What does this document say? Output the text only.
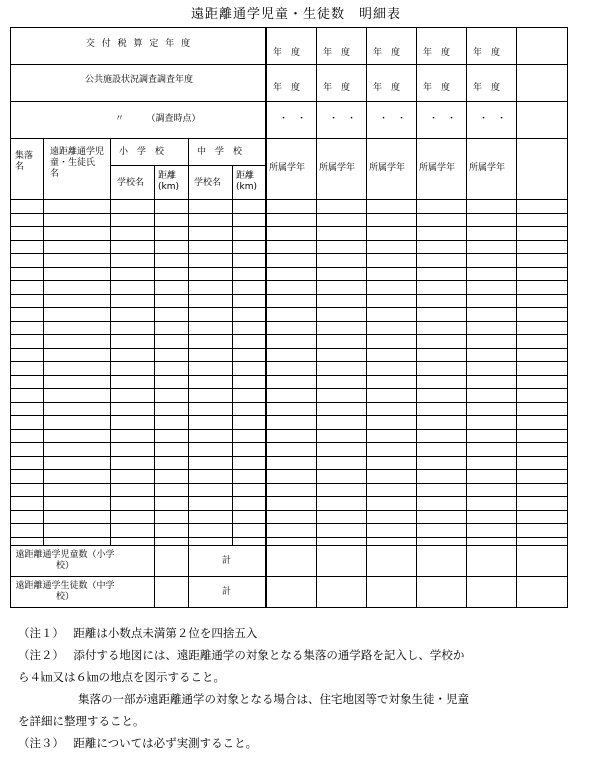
遠距離通学児童・生徒数　明細表
交 付 税 算 定 年 度
公共施設状況調査調査年度
〃　　　（調査時点）
年　度
年　度
・　・
年　度
年　度
・　・
年　度
年　度
・　・
年　度
年　度
・　・
年　度
年　度
・　・
集落名
遠距離通学児童・生徒氏　　名
小　学　校
学校名
距離(km)
中　学　校
学校名
距離(km)
所属学年 所属学年 所属学年 所属学年 所属学年
遠距離通学児童数（小学校）	計
遠距離通学生徒数（中学校）	計
（注１）　 距離は小数点未満第２位を四捨五入
（注２）　 添付する地図には、遠距離通学の対象となる集落の通学路を記入し、学校か
ら４㎞又は６㎞の地点を図示すること。
集落の一部が遠距離通学の対象となる場合は、住宅地図等で対象生徒・児童
を詳細に整理すること。
（注３）　 距離については必ず実測すること。
